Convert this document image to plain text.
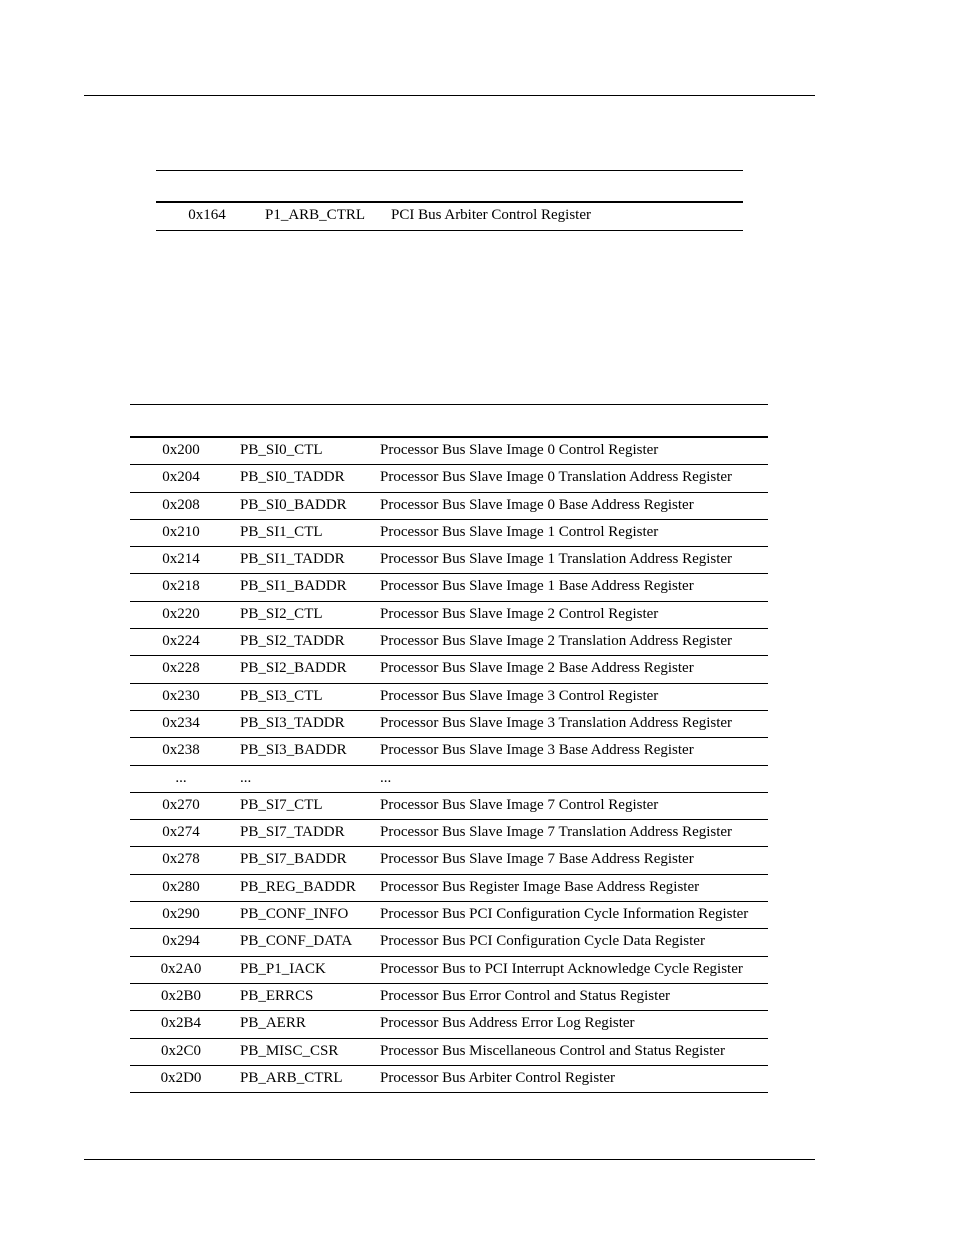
0x164	P1_ARB_CTRL PCI Bus Arbiter Control Register
0x200	PB_SI0_CTL	Processor Bus Slave Image 0 Control Register
0x204	PB_SI0_TADDR Processor Bus Slave Image 0 Translation Address Register
0x208	PB_SI0_BADDR Processor Bus Slave Image 0 Base Address Register
0x210	PB_SI1_CTL	Processor Bus Slave Image 1 Control Register
0x214	PB_SI1_TADDR Processor Bus Slave Image 1 Translation Address Register
0x218	PB_SI1_BADDR Processor Bus Slave Image 1 Base Address Register
0x220	PB_SI2_CTL	Processor Bus Slave Image 2 Control Register
0x224	PB_SI2_TADDR Processor Bus Slave Image 2 Translation Address Register
0x228	PB_SI2_BADDR Processor Bus Slave Image 2 Base Address Register
0x230	PB_SI3_CTL	Processor Bus Slave Image 3 Control Register
0x234	PB_SI3_TADDR Processor Bus Slave Image 3 Translation Address Register
0x238	PB_SI3_BADDR Processor Bus Slave Image 3 Base Address Register
...	...	...
0x270	PB_SI7_CTL	Processor Bus Slave Image 7 Control Register
0x274	PB_SI7_TADDR Processor Bus Slave Image 7 Translation Address Register
0x278	PB_SI7_BADDR Processor Bus Slave Image 7 Base Address Register
0x280	PB_REG_BADDR Processor Bus Register Image Base Address Register
0x290	PB_CONF_INFO Processor Bus PCI Configuration Cycle Information Register
0x294	PB_CONF_DATA Processor Bus PCI Configuration Cycle Data Register
0x2A0	PB_P1_IACK	Processor Bus to PCI Interrupt Acknowledge Cycle Register
0x2B0	PB_ERRCS	Processor Bus Error Control and Status Register
0x2B4	PB_AERR	Processor Bus Address Error Log Register
0x2C0	PB_MISC_CSR	Processor Bus Miscellaneous Control and Status Register
0x2D0	PB_ARB_CTRL Processor Bus Arbiter Control Register
